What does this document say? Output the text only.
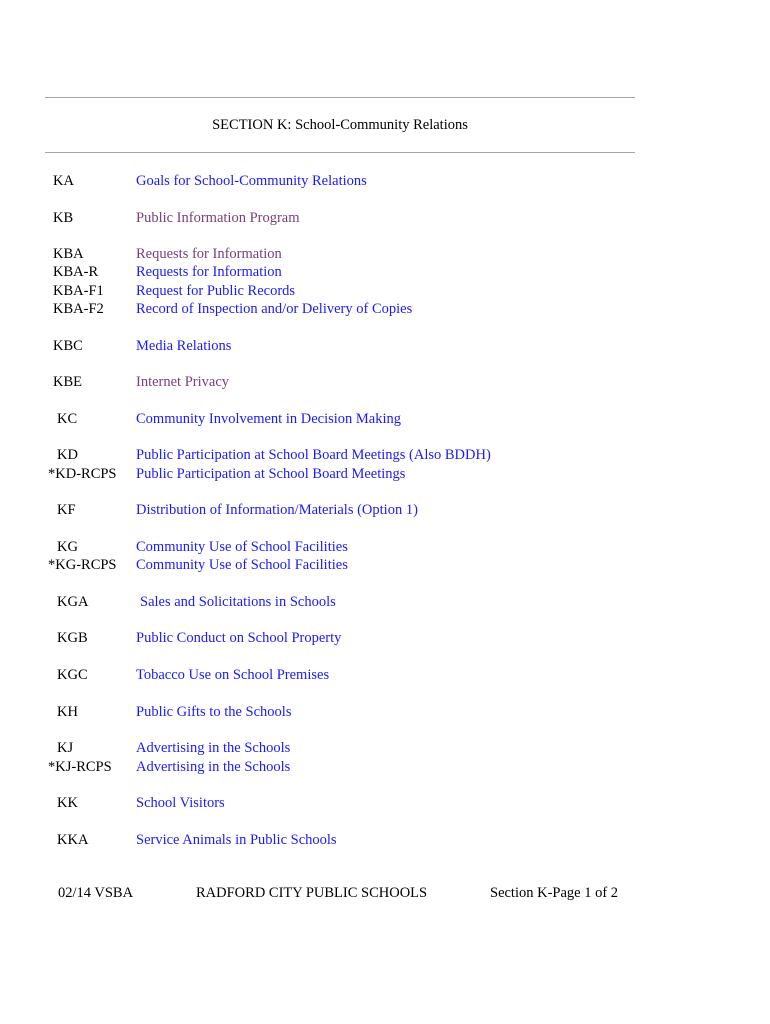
SECTION K: School-Community Relations
KA	Goals for School-Community Relations
KB	Public Information Program
KBA	Requests for Information
KBA-R	Requests for Information
KBA-F1	Request for Public Records
KBA-F2	Record of Inspection and/or Delivery of Copies
KBC	Media Relations
KBE	Internet Privacy
KC	Community Involvement in Decision Making
KD	Public Participation at School Board Meetings (Also BDDH)
*KD-RCPS	Public Participation at School Board Meetings
KF	Distribution of Information/Materials (Option 1)
KG	Community Use of School Facilities
*KG-RCPS	Community Use of School Facilities
KGA	Sales and Solicitations in Schools
KGB	Public Conduct on School Property
KGC	Tobacco Use on School Premises
KH	Public Gifts to the Schools
KJ	Advertising in the Schools
*KJ-RCPS	Advertising in the Schools
KK	School Visitors
KKA	Service Animals in Public Schools
02/14 VSBA	RADFORD CITY PUBLIC SCHOOLS	Section K-Page 1 of 2
